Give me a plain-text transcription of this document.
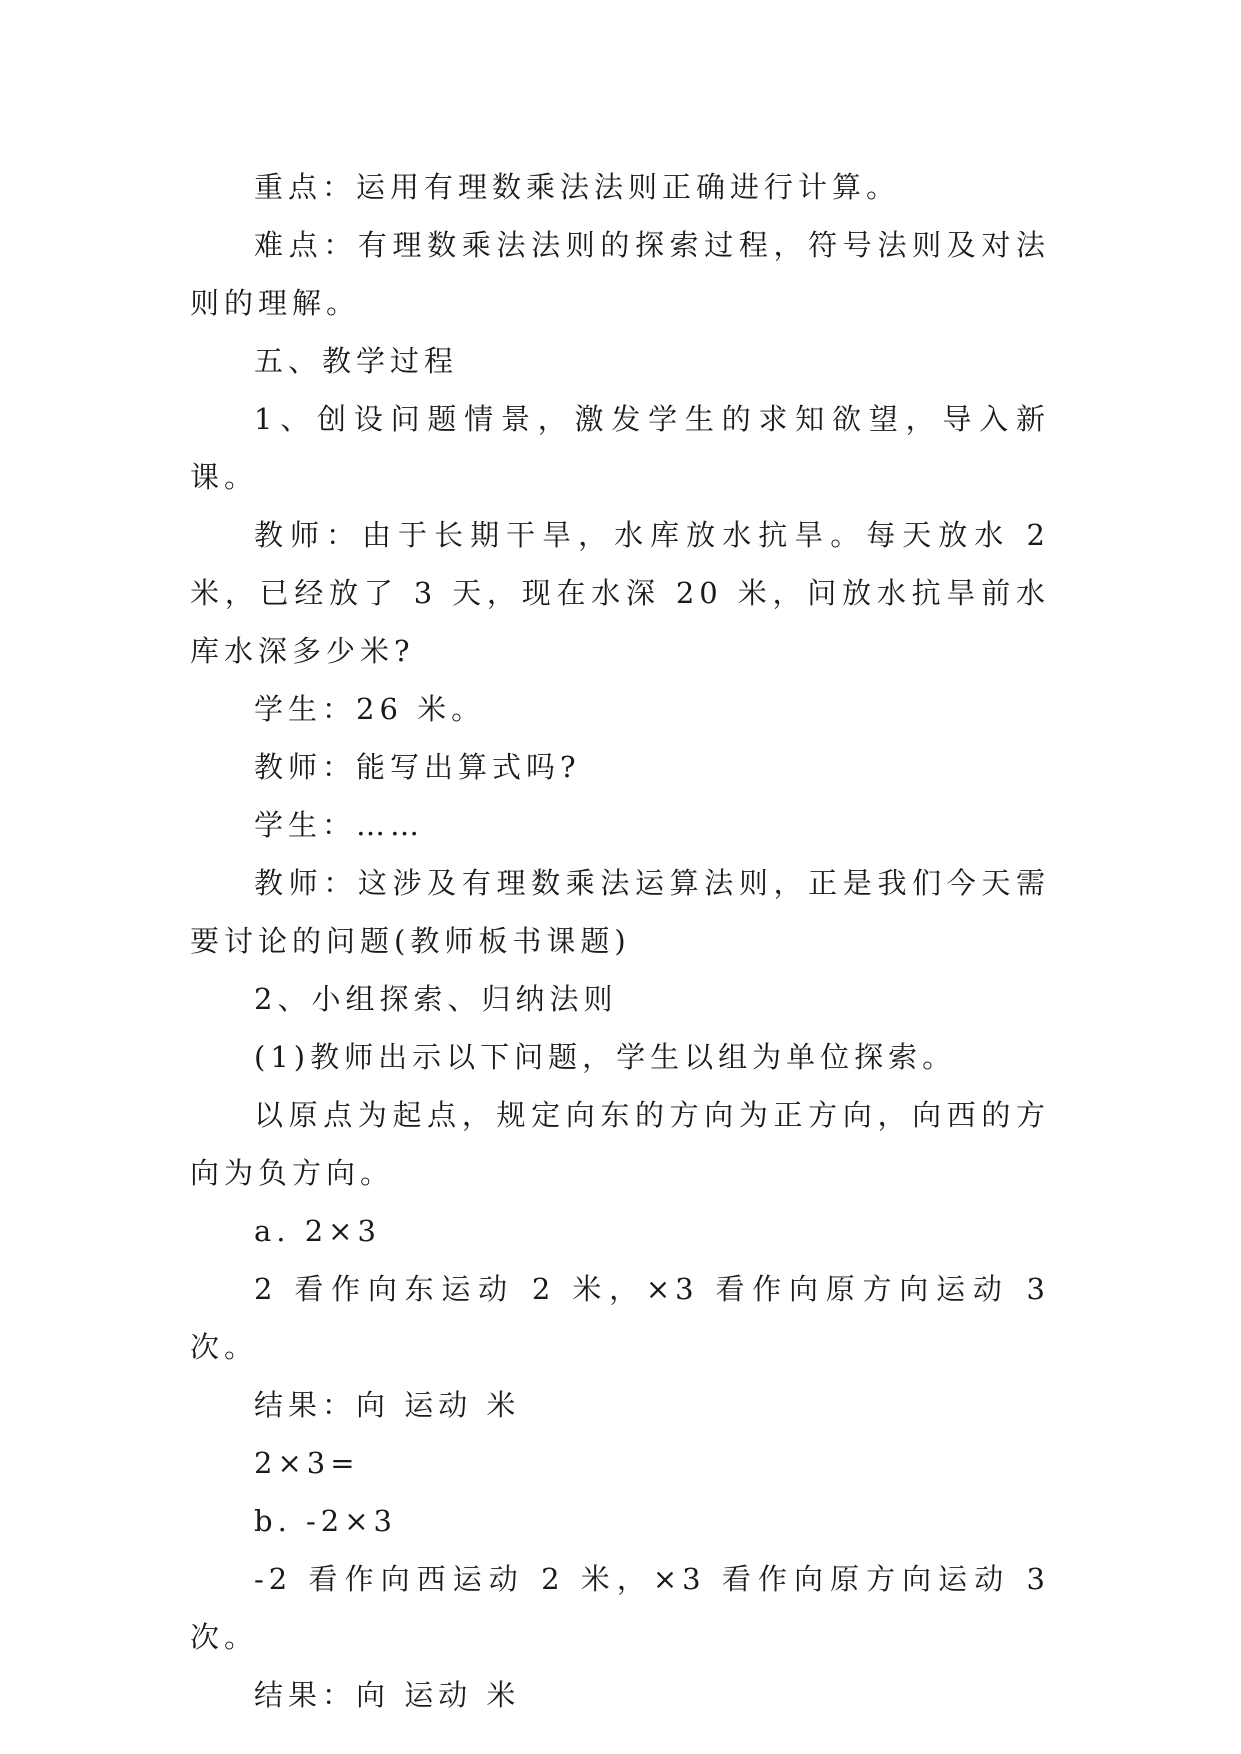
重点：运用有理数乘法法则正确进行计算。

难点：有理数乘法法则的探索过程，符号法则及对法则的理解。

五、教学过程

1、创设问题情景，激发学生的求知欲望，导入新课。

教师：由于长期干旱，水库放水抗旱。每天放水 2 米，已经放了 3 天，现在水深 20 米，问放水抗旱前水库水深多少米?

学生：26 米。

教师：能写出算式吗?

学生：……

教师：这涉及有理数乘法运算法则，正是我们今天需要讨论的问题(教师板书课题)

2、小组探索、归纳法则

(1)教师出示以下问题，学生以组为单位探索。

以原点为起点，规定向东的方向为正方向，向西的方向为负方向。

a. 2×3

2 看作向东运动 2 米，×3 看作向原方向运动 3 次。

结果：向 运动 米

2×3=

b. -2×3

-2 看作向西运动 2 米，×3 看作向原方向运动 3 次。

结果：向 运动 米
